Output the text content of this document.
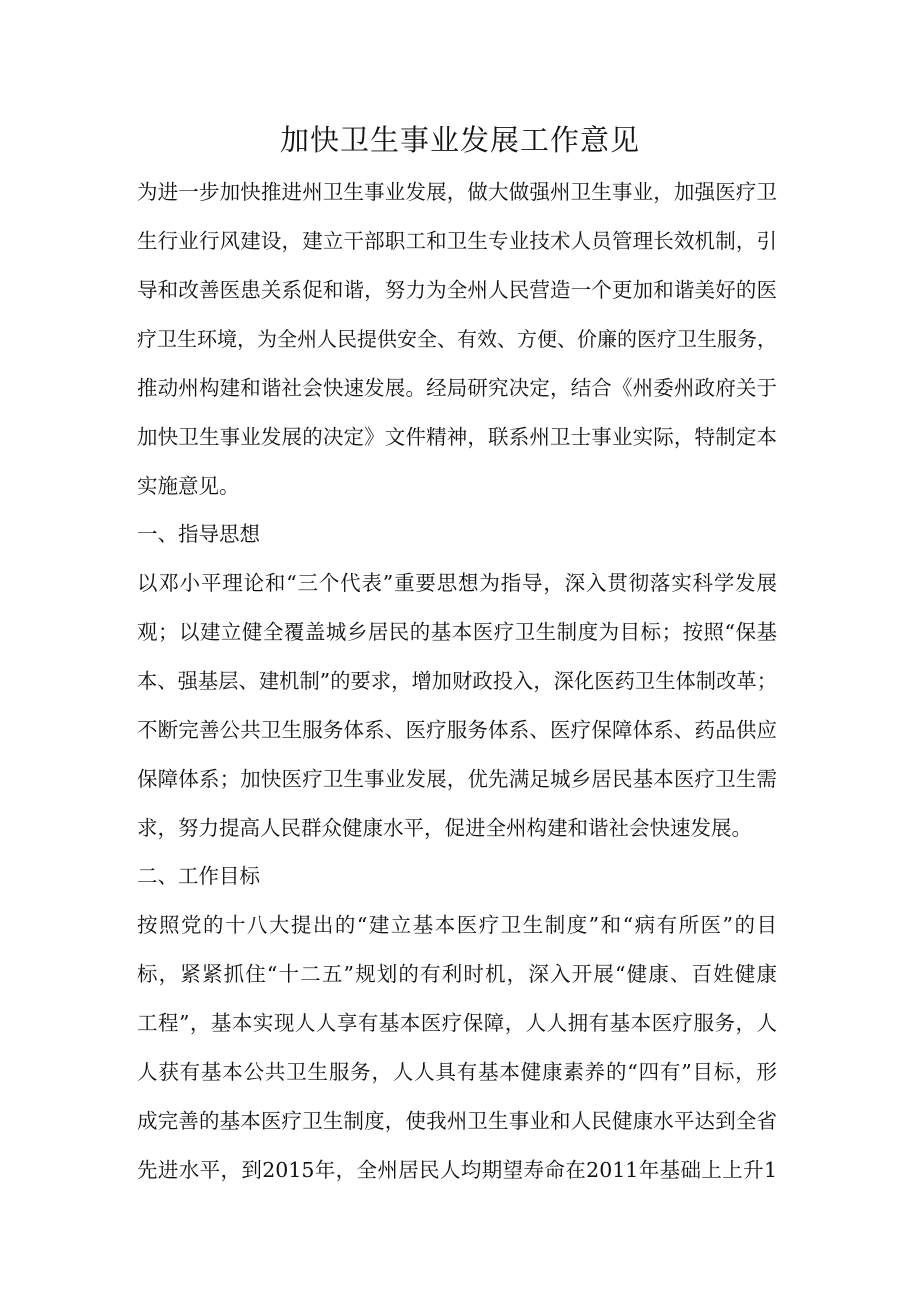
加快卫生事业发展工作意见

为进一步加快推进州卫生事业发展，做大做强州卫生事业，加强医疗卫

生行业行风建设，建立干部职工和卫生专业技术人员管理长效机制，引

导和改善医患关系促和谐，努力为全州人民营造一个更加和谐美好的医

疗卫生环境，为全州人民提供安全、有效、方便、价廉的医疗卫生服务，

推动州构建和谐社会快速发展。经局研究决定，结合《州委州政府关于

加快卫生事业发展的决定》文件精神，联系州卫士事业实际，特制定本

实施意见。

一、指导思想

以邓小平理论和“三个代表”重要思想为指导，深入贯彻落实科学发展

观；以建立健全覆盖城乡居民的基本医疗卫生制度为目标；按照“保基

本、强基层、建机制”的要求，增加财政投入，深化医药卫生体制改革；

不断完善公共卫生服务体系、医疗服务体系、医疗保障体系、药品供应

保障体系；加快医疗卫生事业发展，优先满足城乡居民基本医疗卫生需

求，努力提高人民群众健康水平，促进全州构建和谐社会快速发展。

二、工作目标

按照党的十八大提出的“建立基本医疗卫生制度”和“病有所医”的目

标，紧紧抓住“十二五”规划的有利时机，深入开展“健康、百姓健康

工程”，基本实现人人享有基本医疗保障，人人拥有基本医疗服务，人

人获有基本公共卫生服务，人人具有基本健康素养的“四有”目标，形

成完善的基本医疗卫生制度，使我州卫生事业和人民健康水平达到全省

先进水平，到2015年，全州居民人均期望寿命在2011年基础上上升1
